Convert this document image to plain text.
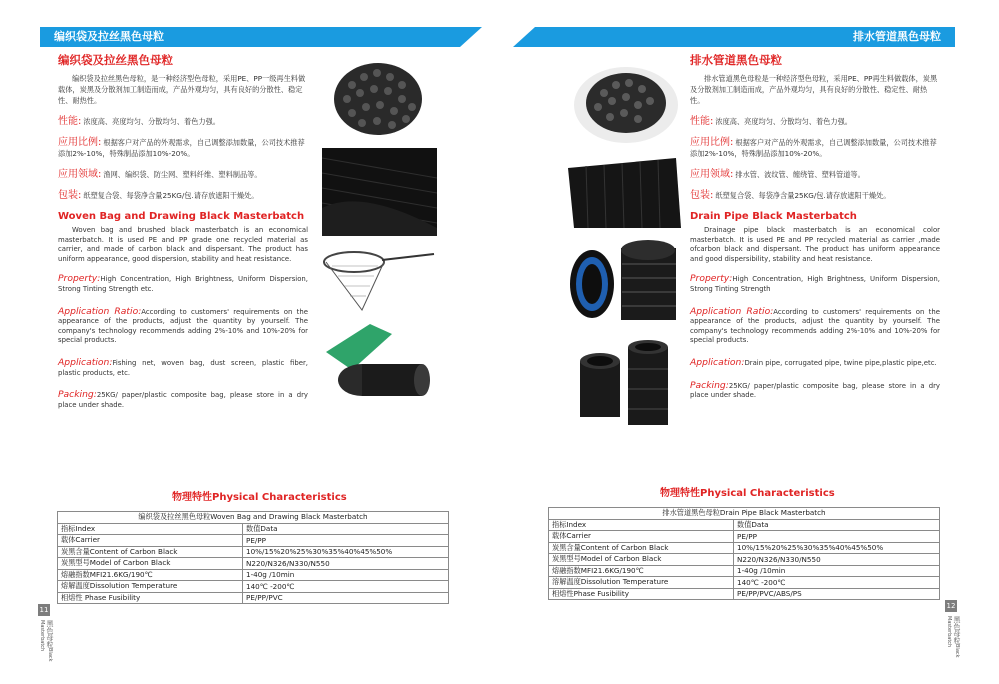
编织袋及拉丝黑色母粒	排水管道黑色母粒
编织袋及拉丝黑色母粒
编织袋及拉丝黑色母粒，是一种经济型色母粒，采用PE、PP一级再生料做载体，炭黑及分散剂加工制造而成，产品外观均匀，具有良好的分散性、稳定性、耐热性。
性能: 浓度高、亮度均匀、分散均匀、着色力强。
应用比例: 根据客户对产品的外观需求，自己调整添加数量，公司技术推荐添加2%-10%，特殊制品添加10%-20%。
应用领域: 渔网、编织袋、防尘网、塑料纤维、塑料制品等。
包装: 纸塑复合袋、每袋净含量25KG/包.请存放遮阳干燥处。
Woven Bag and Drawing Black Masterbatch
Woven bag and brushed black masterbatch is an economical masterbatch. It is used PE and PP grade one recycled material as carrier, and made of carbon black and dispersant. The product has uniform appearance, good dispersion, stability and heat resistance.
Property:High Concentration, High Brightness, Uniform Dispersion, Strong Tinting Strength etc.
Application Ratio:According to customers' requirements on the appearance of the products, adjust the quantity by yourself. The company's technology recommends adding 2%-10% and 10%-20% for special products.
Application:Fishing net, woven bag, dust screen, plastic fiber, plastic products, etc.
Packing:25KG/ paper/plastic composite bag, please store in a dry place under shade.
排水管道黑色母粒
排水管道黑色母粒是一种经济型色母粒，采用PE、PP再生料做载体，炭黑及分散剂加工制造而成，产品外观均匀，具有良好的分散性、稳定性、耐热性。
性能: 浓度高、亮度均匀、分散均匀、着色力强。
应用比例: 根据客户对产品的外观需求，自己调整添加数量，公司技术推荐添加2%-10%，特殊制品添加10%-20%。
应用领域: 排水管、波纹管、缠绕管、塑料管道等。
包装: 纸塑复合袋、每袋净含量25KG/包.请存放遮阳干燥处。
Drain Pipe Black Masterbatch
Drainage pipe black masterbatch is an economical color masterbatch. It is used PE and PP recycled material as carrier ,made ofcarbon black and dispersant. The product has uniform appearance and good dispersibility, stability and heat resistance.
Property:High Concentration, High Brightness, Uniform Dispersion, Strong Tinting Strength
Application Ratio:According to customers' requirements on the appearance of the products, adjust the quantity by yourself. The company's technology recommends adding 2%-10% and 10%-20% for special products.
Application:Drain pipe, corrugated pipe, twine pipe,plastic pipe,etc.
Packing:25KG/ paper/plastic composite bag, please store in a dry place under shade.
物理特性Physical Characteristics
编织袋及拉丝黑色母粒Woven Bag and Drawing Black Masterbatch	
指标Index	数值Data
载体Carrier	PE/PP
炭黑含量Content of Carbon Black	10%/15%20%25%30%35%40%45%50%
炭黑型号Model of Carbon Black	N220/N326/N330/N550
熔融指数MFI21.6KG/190℃	1-40g /10min
熔解温度Dissolution Temperature	140℃ -200℃
相熔性 Phase Fusibility	PE/PP/PVC
物理特性Physical Characteristics
排水管道黑色母粒Drain Pipe Black Masterbatch	
指标Index	数值Data
载体Carrier	PE/PP
炭黑含量Content of Carbon Black	10%/15%20%25%30%35%40%45%50%
炭黑型号Model of Carbon Black	N220/N326/N330/N550
熔融指数MFI21.6KG/190℃	1-40g /10min
溶解温度Dissolution Temperature	140℃ -200℃
相熔性Phase Fusibility	PE/PP/PVC/ABS/PS
11
黑色母粒Black Masterbatch
12
黑色母粒Black Masterbatch
